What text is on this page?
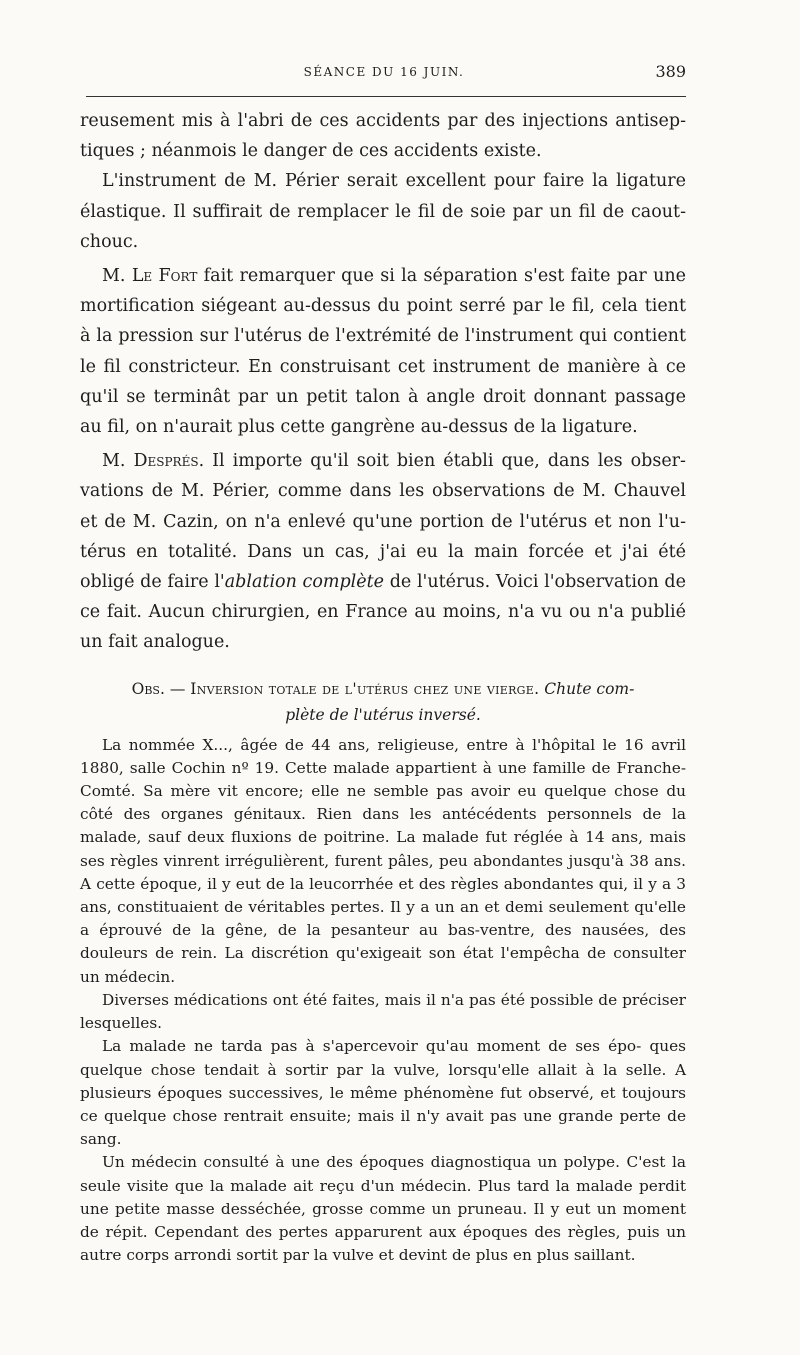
SÉANCE DU 16 JUIN.	389

reusement mis à l'abri de ces accidents par des injections antisep- tiques ; néanmois le danger de ces accidents existe.

L'instrument de M. Périer serait excellent pour faire la ligature élastique. Il suffirait de remplacer le fil de soie par un fil de caout- chouc.

M. Le Fort fait remarquer que si la séparation s'est faite par une mortification siégeant au-dessus du point serré par le fil, cela tient à la pression sur l'utérus de l'extrémité de l'instrument qui contient le fil constricteur. En construisant cet instrument de manière à ce qu'il se terminât par un petit talon à angle droit donnant passage au fil, on n'aurait plus cette gangrène au-dessus de la ligature.

M. Després. Il importe qu'il soit bien établi que, dans les obser- vations de M. Périer, comme dans les observations de M. Chauvel et de M. Cazin, on n'a enlevé qu'une portion de l'utérus et non l'u- térus en totalité. Dans un cas, j'ai eu la main forcée et j'ai été obligé de faire l'ablation complète de l'utérus. Voici l'observation de ce fait. Aucun chirurgien, en France au moins, n'a vu ou n'a publié un fait analogue.

Obs. — Inversion totale de l'utérus chez une vierge. Chute com-
plète de l'utérus inversé.

La nommée X..., âgée de 44 ans, religieuse, entre à l'hôpital le 16 avril 1880, salle Cochin nº 19. Cette malade appartient à une famille de Franche-Comté. Sa mère vit encore; elle ne semble pas avoir eu quelque chose du côté des organes génitaux. Rien dans les antécédents personnels de la malade, sauf deux fluxions de poitrine. La malade fut réglée à 14 ans, mais ses règles vinrent irrégulièrent, furent pâles, peu abondantes jusqu'à 38 ans. A cette époque, il y eut de la leucorrhée et des règles abondantes qui, il y a 3 ans, constituaient de véritables pertes. Il y a un an et demi seulement qu'elle a éprouvé de la gêne, de la pesanteur au bas-ventre, des nausées, des douleurs de rein. La discrétion qu'exigeait son état l'empêcha de consulter un médecin.

Diverses médications ont été faites, mais il n'a pas été possible de préciser lesquelles.

La malade ne tarda pas à s'apercevoir qu'au moment de ses épo- ques quelque chose tendait à sortir par la vulve, lorsqu'elle allait à la selle. A plusieurs époques successives, le même phénomène fut observé, et toujours ce quelque chose rentrait ensuite; mais il n'y avait pas une grande perte de sang.

Un médecin consulté à une des époques diagnostiqua un polype. C'est la seule visite que la malade ait reçu d'un médecin. Plus tard la malade perdit une petite masse desséchée, grosse comme un pruneau. Il y eut un moment de répit. Cependant des pertes apparurent aux époques des règles, puis un autre corps arrondi sortit par la vulve et devint de plus en plus saillant.
